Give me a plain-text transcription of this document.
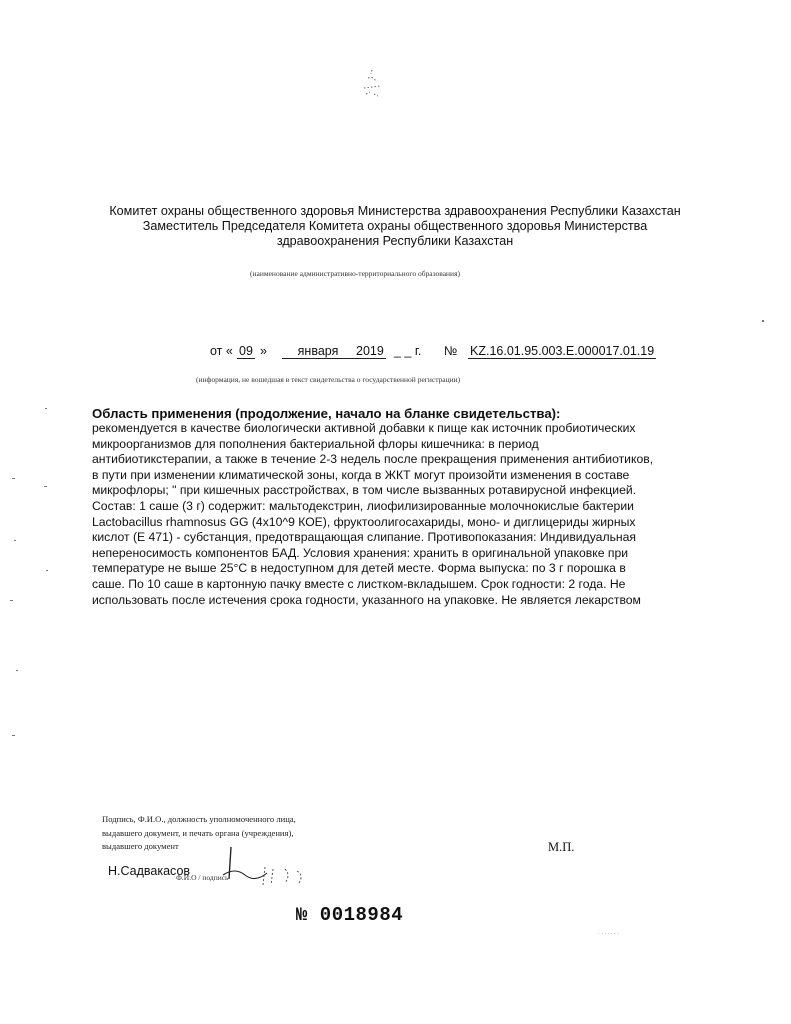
Комитет охраны общественного здоровья Министерства здравоохранения Республики Казахстан
Заместитель Председателя Комитета охраны общественного здоровья Министерства
здравоохранения Республики Казахстан
(наименование административно-территориального образования)
от « 09 »	января	2019 _ _ г. № KZ.16.01.95.003.E.000017.01.19
(информация, не вошедшая в текст свидетельства о государственной регистрации)
Область применения (продолжение, начало на бланке свидетельства):
рекомендуется в качестве биологически активной добавки к пище как источник пробиотических
микроорганизмов для пополнения бактериальной флоры кишечника: в период
антибиотикстерапии, а также в течение 2-3 недель после прекращения применения антибиотиков,
в пути при изменении климатической зоны, когда в ЖКТ могут произойти изменения в составе
микрофлоры; " при кишечных расстройствах, в том числе вызванных ротавирусной инфекцией.
Состав: 1 саше (3 г) содержит: мальтодекстрин, лиофилизированные молочнокислые бактерии
Lactobacillus rhamnosus GG (4x10^9 КОЕ), фруктоолигосахариды, моно- и диглицериды жирных
кислот (Е 471) - субстанция, предотвращающая слипание. Противопоказания: Индивидуальная
непереносимость компонентов БАД. Условия хранения: хранить в оригинальной упаковке при
температуре не выше 25°С в недоступном для детей месте. Форма выпуска: по 3 г порошка в
саше. По 10 саше в картонную пачку вместе с листком-вкладышем. Срок годности: 2 года. Не
использовать после истечения срока годности, указанного на упаковке. Не является лекарством
Подпись, Ф.И.О., должность уполномоченного лица,
выдавшего документ, и печать органа (учреждения),
выдавшего документ	М.П.
Н.Садвакасов
Ф.И.О / подпись
№ 0018984
· · · · · · ·
